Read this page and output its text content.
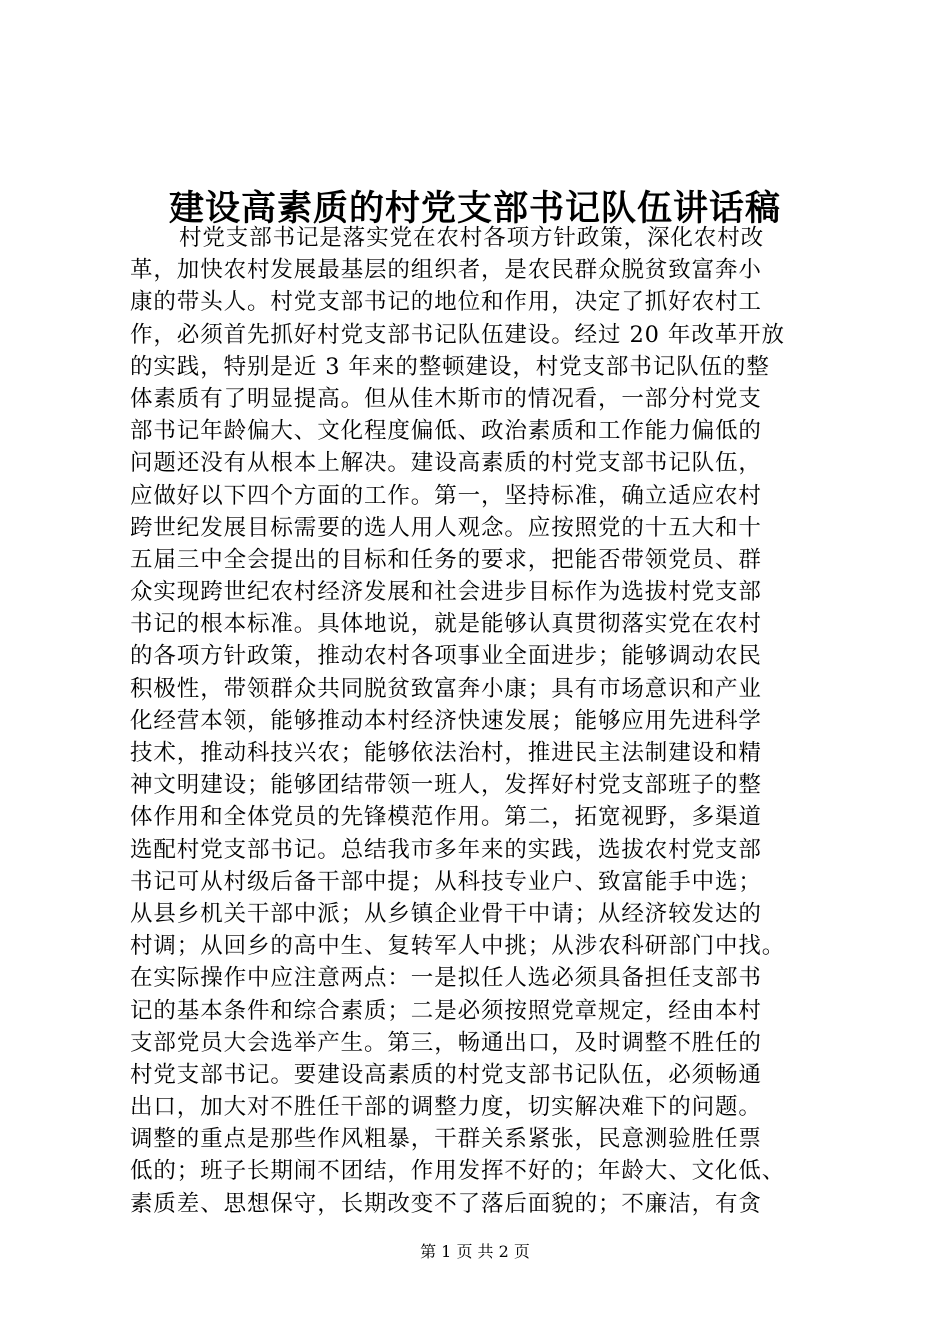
建设高素质的村党支部书记队伍讲话稿
村党支部书记是落实党在农村各项方针政策，深化农村改
革，加快农村发展最基层的组织者，是农民群众脱贫致富奔小
康的带头人。村党支部书记的地位和作用，决定了抓好农村工
作，必须首先抓好村党支部书记队伍建设。经过 20 年改革开放
的实践，特别是近 3 年来的整顿建设，村党支部书记队伍的整
体素质有了明显提高。但从佳木斯市的情况看，一部分村党支
部书记年龄偏大、文化程度偏低、政治素质和工作能力偏低的
问题还没有从根本上解决。建设高素质的村党支部书记队伍，
应做好以下四个方面的工作。第一，坚持标准，确立适应农村
跨世纪发展目标需要的选人用人观念。应按照党的十五大和十
五届三中全会提出的目标和任务的要求，把能否带领党员、群
众实现跨世纪农村经济发展和社会进步目标作为选拔村党支部
书记的根本标准。具体地说，就是能够认真贯彻落实党在农村
的各项方针政策，推动农村各项事业全面进步；能够调动农民
积极性，带领群众共同脱贫致富奔小康；具有市场意识和产业
化经营本领，能够推动本村经济快速发展；能够应用先进科学
技术，推动科技兴农；能够依法治村，推进民主法制建设和精
神文明建设；能够团结带领一班人，发挥好村党支部班子的整
体作用和全体党员的先锋模范作用。第二，拓宽视野，多渠道
选配村党支部书记。总结我市多年来的实践，选拔农村党支部
书记可从村级后备干部中提；从科技专业户、致富能手中选；
从县乡机关干部中派；从乡镇企业骨干中请；从经济较发达的
村调；从回乡的高中生、复转军人中挑；从涉农科研部门中找。
在实际操作中应注意两点：一是拟任人选必须具备担任支部书
记的基本条件和综合素质；二是必须按照党章规定，经由本村
支部党员大会选举产生。第三，畅通出口，及时调整不胜任的
村党支部书记。要建设高素质的村党支部书记队伍，必须畅通
出口，加大对不胜任干部的调整力度，切实解决难下的问题。
调整的重点是那些作风粗暴，干群关系紧张，民意测验胜任票
低的；班子长期闹不团结，作用发挥不好的；年龄大、文化低、
素质差、思想保守，长期改变不了落后面貌的；不廉洁，有贪
第 1 页 共 2 页
